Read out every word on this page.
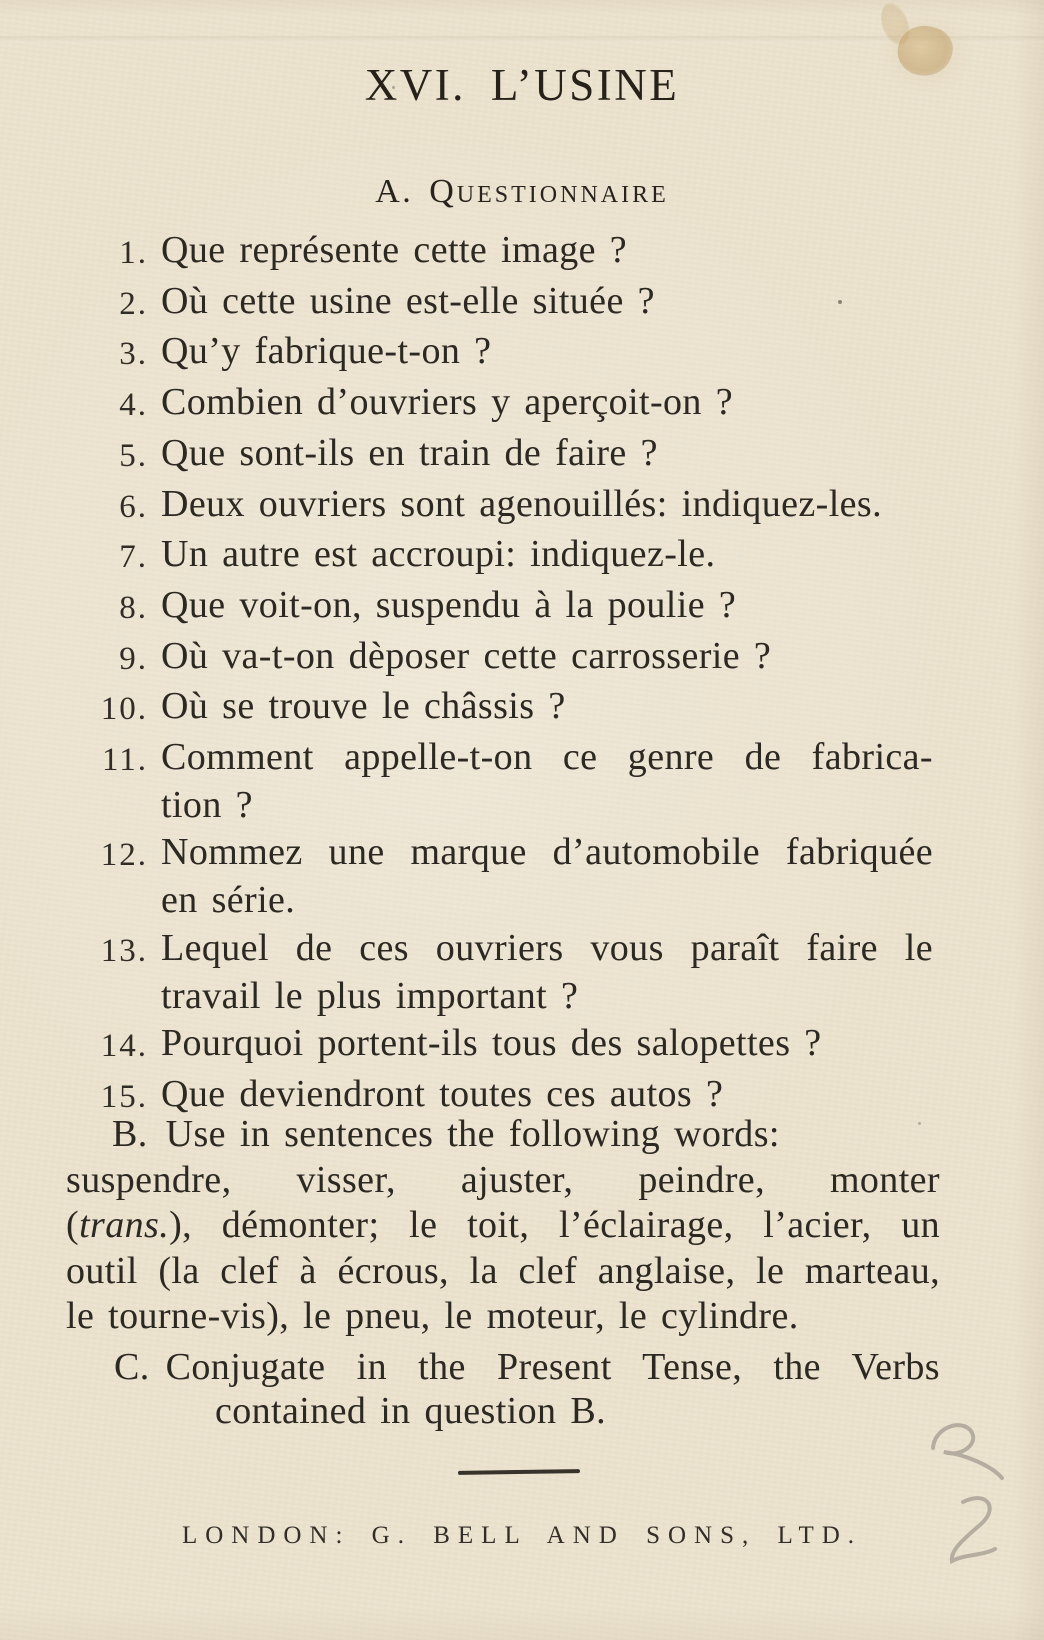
XVI. L’USINE
A. Questionnaire
1. Que représente cette image ?
2. Où cette usine est-elle située ?
3. Qu’y fabrique-t-on ?
4. Combien d’ouvriers y aperçoit-on ?
5. Que sont-ils en train de faire ?
6. Deux ouvriers sont agenouillés: indiquez-les.
7. Un autre est accroupi: indiquez-le.
8. Que voit-on, suspendu à la poulie ?
9. Où va-t-on dèposer cette carrosserie ?
10. Où se trouve le châssis ?
11. Comment appelle-t-on ce genre de fabrica-
tion ?
12. Nommez une marque d’automobile fabriquée
en série.
13. Lequel de ces ouvriers vous paraît faire le
travail le plus important ?
14. Pourquoi portent-ils tous des salopettes ?
15. Que deviendront toutes ces autos ?
B. Use in sentences the following words:
suspendre, visser, ajuster, peindre, monter
(trans.), démonter; le toit, l’éclairage, l’acier, un
outil (la clef à écrous, la clef anglaise, le marteau,
le tourne-vis), le pneu, le moteur, le cylindre.
C. Conjugate in the Present Tense, the Verbs
contained in question B.
LONDON: G. BELL AND SONS, LTD.
